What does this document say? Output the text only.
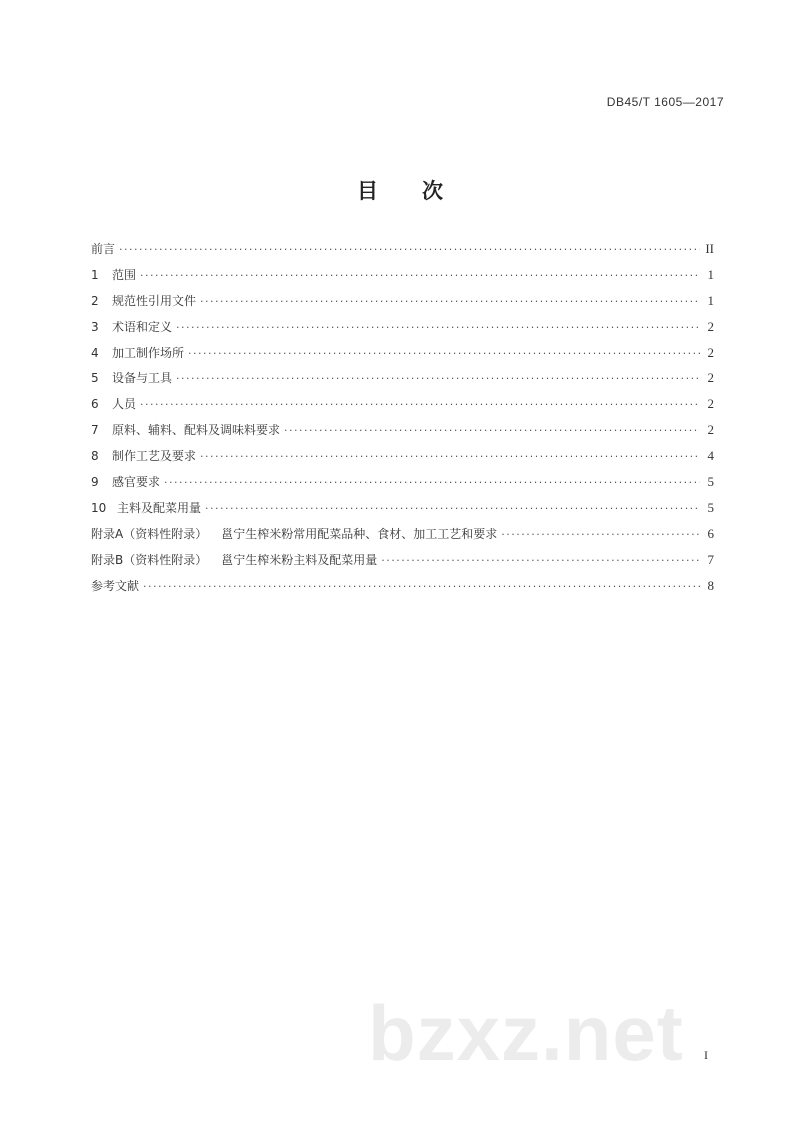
DB45/T 1605—2017
目 次
前言 ·····	II
1 范围 ·····	1
2 规范性引用文件 ·····	1
3 术语和定义 ·····	2
4 加工制作场所 ·····	2
5 设备与工具 ·····	2
6 人员 ·····	2
7 原料、辅料、配料及调味料要求 ·····	2
8 制作工艺及要求 ·····	4
9 感官要求 ·····	5
10 主料及配菜用量 ·····	5
附录A（资料性附录） 邕宁生榨米粉常用配菜品种、食材、加工工艺和要求 ·····	6
附录B（资料性附录） 邕宁生榨米粉主料及配菜用量 ·····	7
参考文献 ·····	8
bzxz.net I
